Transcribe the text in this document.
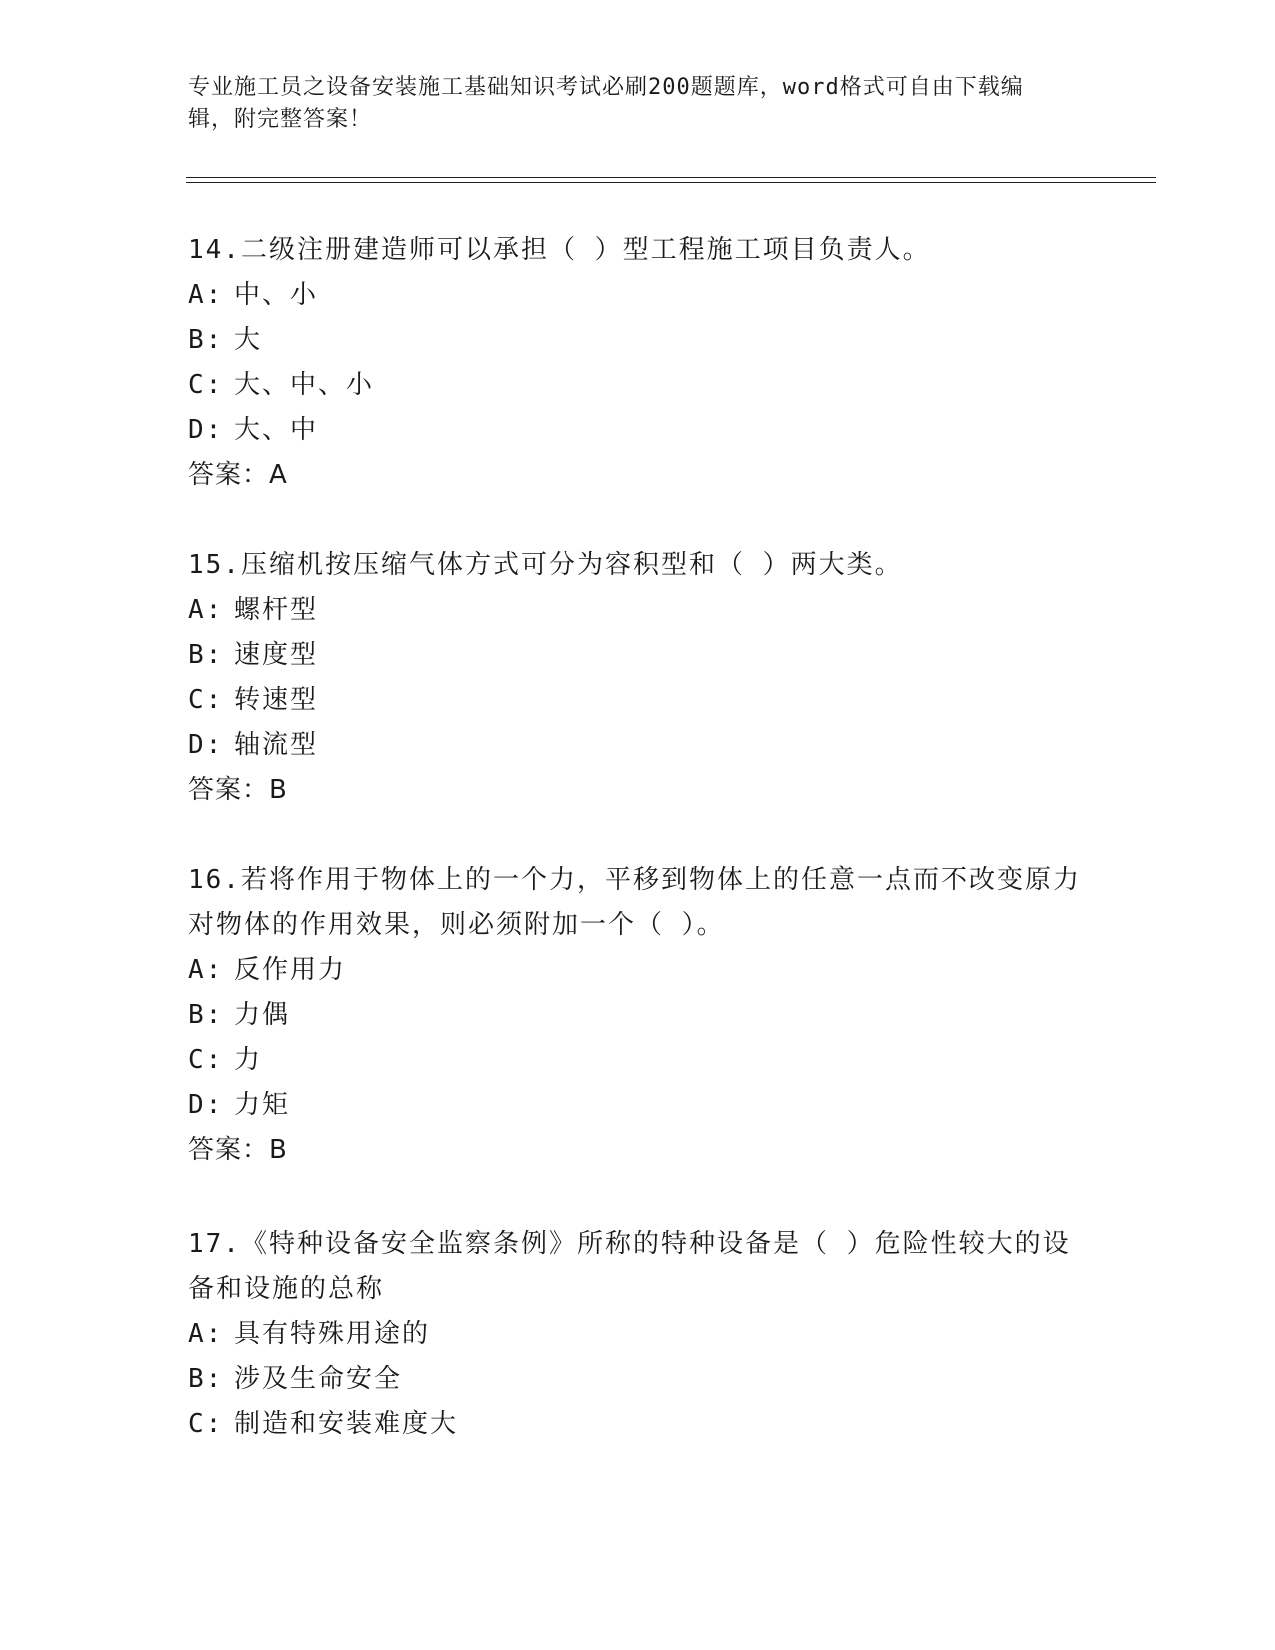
专业施工员之设备安装施工基础知识考试必刷200题题库，word格式可自由下载编辑，附完整答案！

14.二级注册建造师可以承担（ ）型工程施工项目负责人。

A: 中、小

B: 大

C: 大、中、小

D: 大、中

答案：A

15.压缩机按压缩气体方式可分为容积型和（ ）两大类。

A: 螺杆型

B: 速度型

C: 转速型

D: 轴流型

答案：B

16.若将作用于物体上的一个力，平移到物体上的任意一点而不改变原力对物体的作用效果，则必须附加一个（ ）。

A: 反作用力

B: 力偶

C: 力

D: 力矩

答案：B

17.《特种设备安全监察条例》所称的特种设备是（ ）危险性较大的设备和设施的总称

A: 具有特殊用途的

B: 涉及生命安全

C: 制造和安装难度大
